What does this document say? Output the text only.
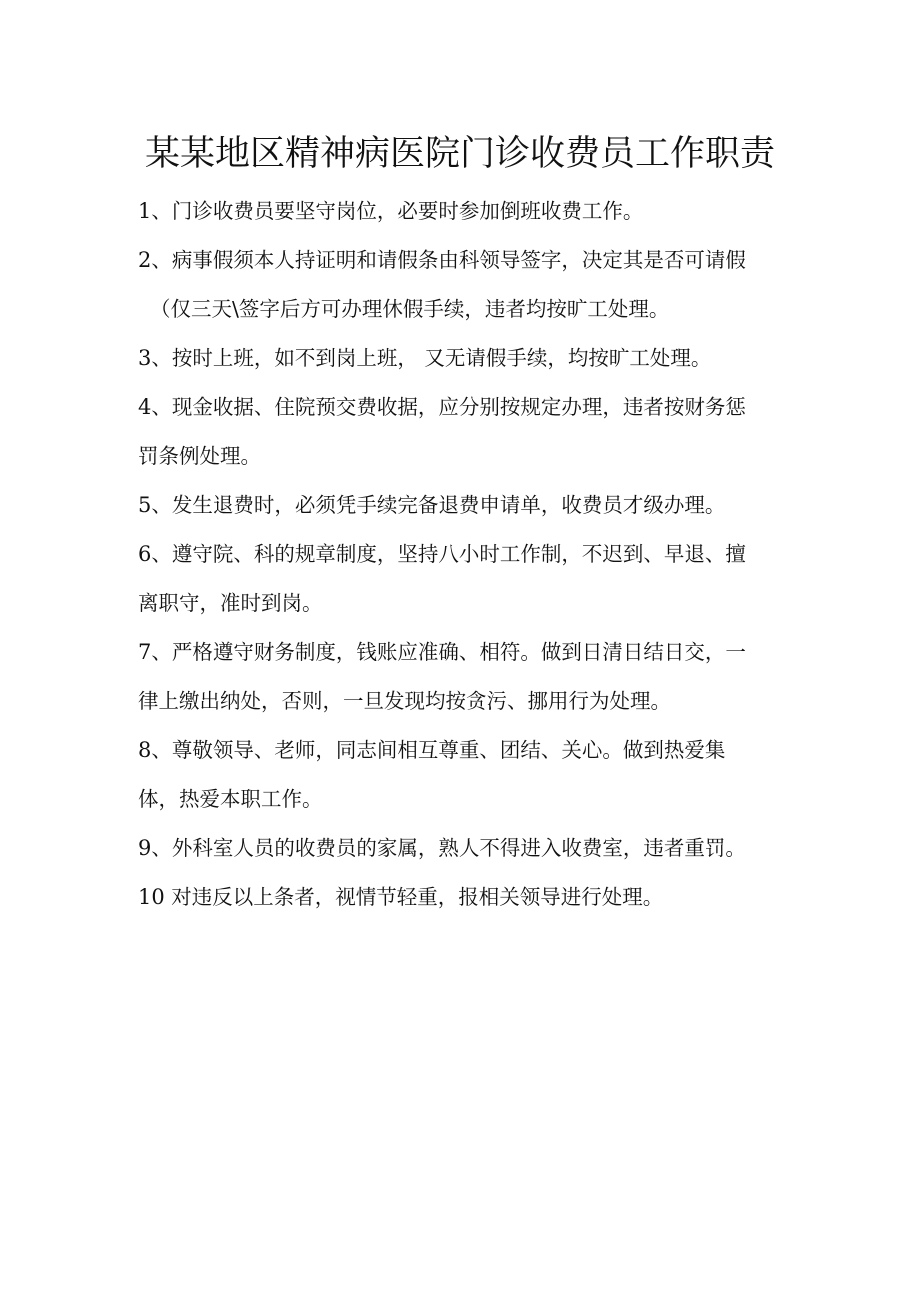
某某地区精神病医院门诊收费员工作职责
1、门诊收费员要坚守岗位，必要时参加倒班收费工作。
2、病事假须本人持证明和请假条由科领导签字，决定其是否可请假
（仅三天\签字后方可办理休假手续，违者均按旷工处理。
3、按时上班，如不到岗上班， 又无请假手续，均按旷工处理。
4、现金收据、住院预交费收据，应分别按规定办理，违者按财务惩
罚条例处理。
5、发生退费时，必须凭手续完备退费申请单，收费员才级办理。
6、遵守院、科的规章制度，坚持八小时工作制，不迟到、早退、擅
离职守，准时到岗。
7、严格遵守财务制度，钱账应准确、相符。做到日清日结日交，一
律上缴出纳处，否则，一旦发现均按贪污、挪用行为处理。
8、尊敬领导、老师，同志间相互尊重、团结、关心。做到热爱集
体，热爱本职工作。
9、外科室人员的收费员的家属，熟人不得进入收费室，违者重罚。
10 对违反以上条者，视情节轻重，报相关领导进行处理。
